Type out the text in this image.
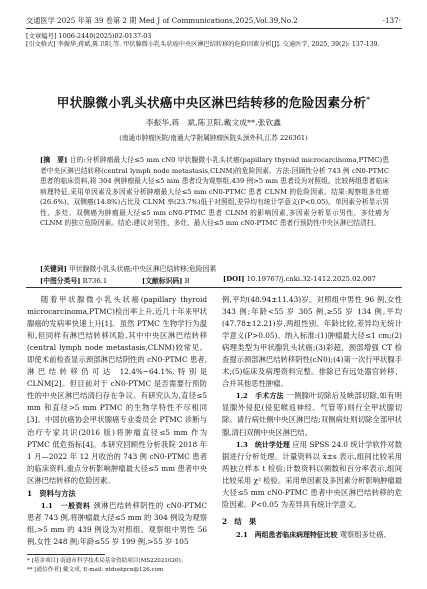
交通医学 2025 年第 39 卷第 2 期 Med J of Communications,2025,Vol.39,No.2	·137·
[文章编号] 1006-2440(2025)02-0137-03
[引文格式] 李振华,蒋斌,陈卫阳,等. 甲状腺微小乳头状癌中央区淋巴结转移的危险因素分析[J]. 交通医学, 2025, 39(2): 137-139.
甲状腺微小乳头状癌中央区淋巴结转移的危险因素分析*
李振华,蒋　斌,陈卫阳,戴文成**,张钦鑫
(南通市肿瘤医院/南通大学附属肿瘤医院头颈外科,江苏 226361)
[摘　要] 目的:分析肿瘤最大径≤5 mm cN0 甲状腺微小乳头状癌(papillary thyroid microcarcinoma,PTMC)患者中央区淋巴结转移(central lymph node metastasis,CLNM)的危险因素。方法:回顾性分析 743 例 cN0-PTMC 患者的临床资料,将 304 例肿瘤最大径≤5 mm 患者设为观察组,439 例>5 mm 患者设为对照组。比较两组患者临床病理特征,采用单因素及多因素分析肿瘤最大径≤5 mm cN0-PTMC 患者 CLNM 的危险因素。结果:观察组多灶癌(26.6%)、双侧癌(14.8%)占比及 CLNM 率(23.7%)低于对照组,差异均有统计学意义(P<0.05)。单因素分析显示男性、多灶、双侧癌为肿瘤最大径≤5 mm cN0-PTMC 患者 CLNM 的影响因素,多因素分析显示男性、多灶癌为 CLNM 的独立危险因素。结论:建议对男性、多灶、最大径≤5 mm cN0-PTMC 患者行预防性中央区淋巴结清扫。
[关键词] 甲状腺微小乳头状癌;中央区淋巴结转移;危险因素
[中图分类号] R736.1	[文献标识码] B	[DOI] 10.19767/j.cnki.32-1412.2025.02.007

随着甲状腺微小乳头状癌(papillary thyroid microcarcinoma,PTMC)检出率上升,近几十年来甲状腺癌的发病率快速上升[1]。虽然 PTMC 生物学行为温和,但同样有淋巴结转移风险,其中中央区淋巴结转移(central lymph node metastasis,CLNM)较常见。即使术前检查显示颈部淋巴结阴性的 cN0-PTMC 患者,淋巴结转移仍可达 12.4%~64.1%,特别是 CLNM[2]。但目前对于 cN0-PTMC 是否需要行预防性的中央区淋巴结清扫存在争议。有研究认为,直径≤5 mm 和直径>5 mm PTMC 的生物学特性不尽相同[3]。中国抗癌协会甲状腺癌专业委员会 PTMC 诊断与治疗专家共识(2016 版)将肿瘤直径≤5 mm 作为 PTMC 低危指标[4]。本研究回顾性分析我院 2018 年 1 月—2022 年 12 月收治的 743 例 cN0-PTMC 患者的临床资料,重点分析影响肿瘤最大径≤5 mm 患者中央区淋巴结转移的危险因素。

1　资料与方法

1.1　一般资料 颈淋巴结转移阴性的 cN0-PTMC 患者 743 例,将肿瘤最大径≤5 mm 的 304 例设为观察组,>5 mm 的 439 例设为对照组。观察组中男性 56 例,女性 248 例;年龄≤55 岁 199 例,>55 岁 105

* [基金项目] 南通市科学技术局基金资助项目(MS22021020)。
** [通信作者] 戴文成, E-mail: ntdostpcn@126.com

例,平均(48.94±11.43)岁。对照组中男性 96 例,女性 343 例;年龄<55 岁 305 例,≥55 岁 134 例,平均(47.78±12.21)岁,两组性别、年龄比较,差异均无统计学意义(P>0.05)。纳入标准:(1)肿瘤最大径≤1 cm;(2)病理类型为甲状腺乳头状癌;(3)彩超、颈部增强 CT 检查提示颈部淋巴结转移阴性(cN0);(4)第一次行甲状腺手术;(5)临床及病理资料完整。排除已有远处器官转移、合并其他恶性肿瘤。

1.2　手术方法 一侧腺叶切除后及峡部切除,如有明显腺外侵犯(侵犯喉返神经、气管等)则行全甲状腺切除。请行病灶侧中央区淋巴结;双侧病灶则切除全部甲状腺,清扫双侧中央区淋巴结。

1.3　统计学处理 应用 SPSS 24.0 统计学软件对数据进行分析处理。计量资料以 x̄±s 表示,组间比较采用两独立样本 t 检验;计数资料以频数和百分率表示,组间比较采用 χ² 检验。采用单因素及多因素分析影响肿瘤最大径≤5 mm cN0-PTMC 患者中央区淋巴结转移的危险因素。P<0.05 为差异具有统计学意义。

2　结　果

2.1　两组患者临床病理特征比较 观察组多灶癌、
